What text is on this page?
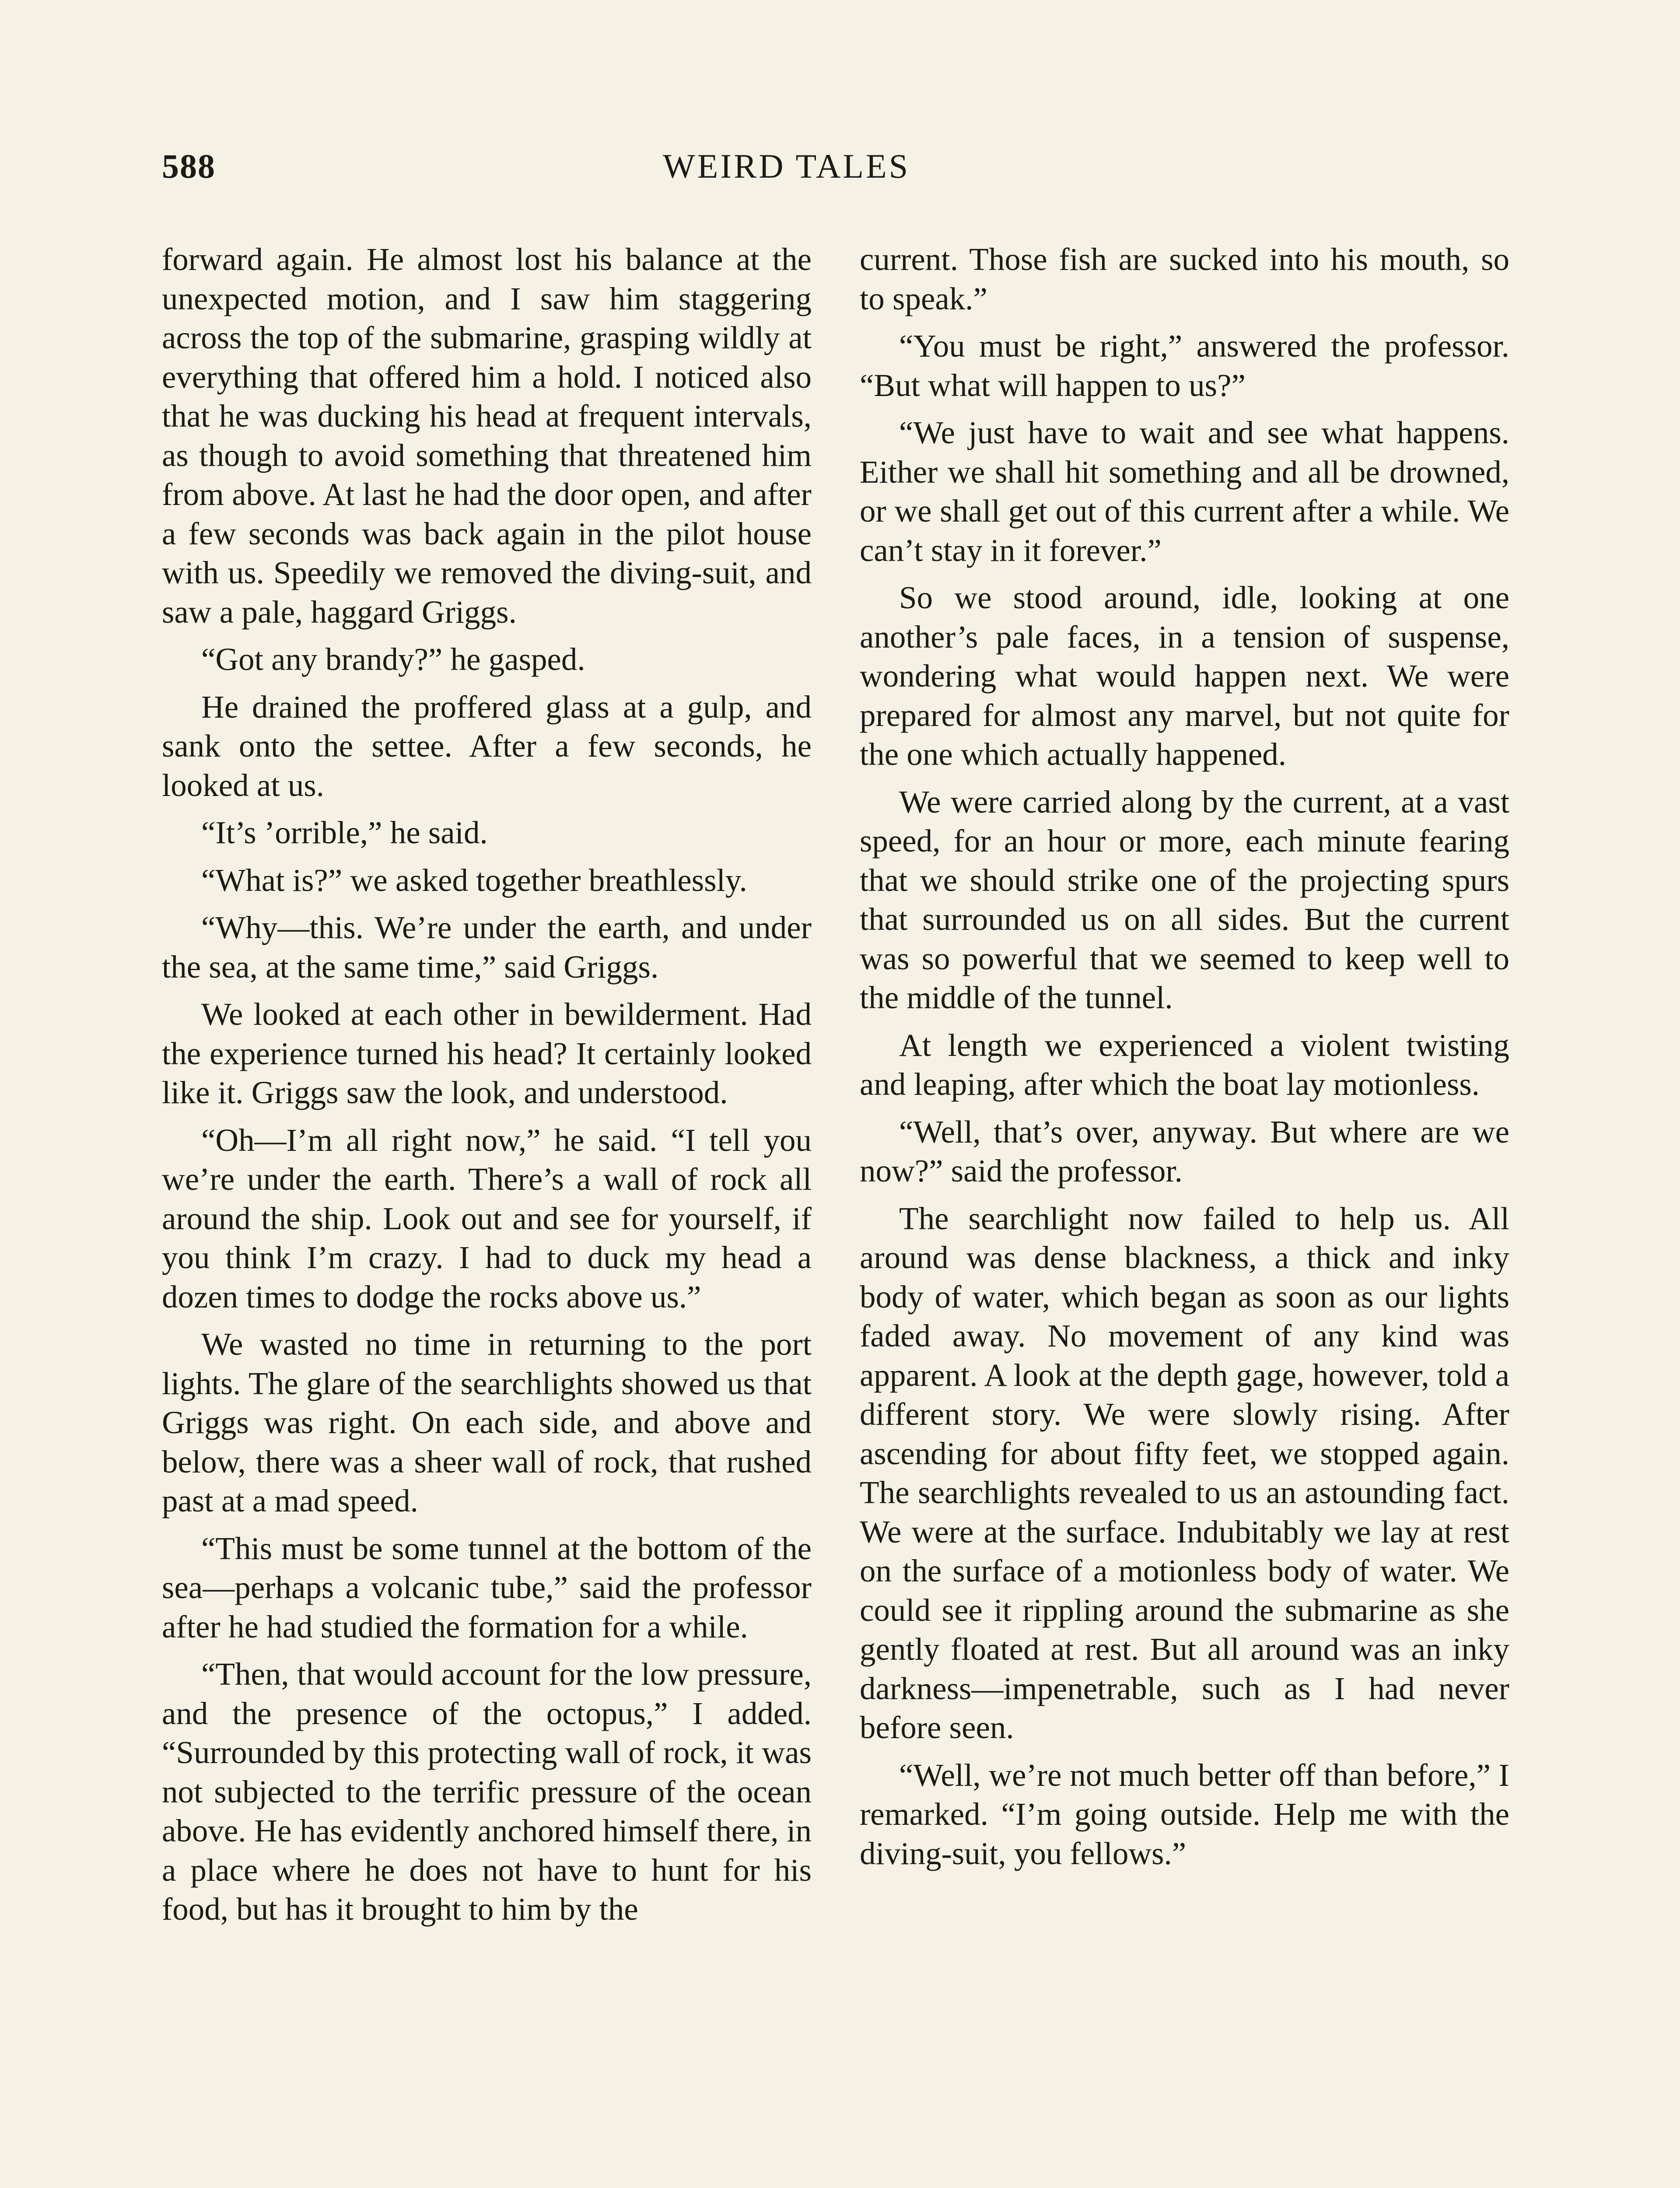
588	WEIRD TALES

forward again. He almost lost his balance at the unexpected motion, and I saw him staggering across the top of the submarine, grasping wildly at everything that offered him a hold. I noticed also that he was ducking his head at frequent intervals, as though to avoid something that threatened him from above. At last he had the door open, and after a few seconds was back again in the pilot house with us. Speedily we removed the diving-suit, and saw a pale, haggard Griggs.

“Got any brandy?” he gasped.

He drained the proffered glass at a gulp, and sank onto the settee. After a few seconds, he looked at us.

“It’s ’orrible,” he said.

“What is?” we asked together breathlessly.

“Why—this. We’re under the earth, and under the sea, at the same time,” said Griggs.

We looked at each other in bewilderment. Had the experience turned his head? It certainly looked like it. Griggs saw the look, and understood.

“Oh—I’m all right now,” he said. “I tell you we’re under the earth. There’s a wall of rock all around the ship. Look out and see for yourself, if you think I’m crazy. I had to duck my head a dozen times to dodge the rocks above us.”

We wasted no time in returning to the port lights. The glare of the searchlights showed us that Griggs was right. On each side, and above and below, there was a sheer wall of rock, that rushed past at a mad speed.

“This must be some tunnel at the bottom of the sea—perhaps a volcanic tube,” said the professor after he had studied the formation for a while.

“Then, that would account for the low pressure, and the presence of the octopus,” I added. “Surrounded by this protecting wall of rock, it was not subjected to the terrific pressure of the ocean above. He has evidently anchored himself there, in a place where he does not have to hunt for his food, but has it brought to him by the

current. Those fish are sucked into his mouth, so to speak.”

“You must be right,” answered the professor. “But what will happen to us?”

“We just have to wait and see what happens. Either we shall hit something and all be drowned, or we shall get out of this current after a while. We can’t stay in it forever.”

So we stood around, idle, looking at one another’s pale faces, in a tension of suspense, wondering what would happen next. We were prepared for almost any marvel, but not quite for the one which actually happened.

We were carried along by the current, at a vast speed, for an hour or more, each minute fearing that we should strike one of the projecting spurs that surrounded us on all sides. But the current was so powerful that we seemed to keep well to the middle of the tunnel.

At length we experienced a violent twisting and leaping, after which the boat lay motionless.

“Well, that’s over, anyway. But where are we now?” said the professor.

The searchlight now failed to help us. All around was dense blackness, a thick and inky body of water, which began as soon as our lights faded away. No movement of any kind was apparent. A look at the depth gage, however, told a different story. We were slowly rising. After ascending for about fifty feet, we stopped again. The searchlights revealed to us an astounding fact. We were at the surface. Indubitably we lay at rest on the surface of a motionless body of water. We could see it rippling around the submarine as she gently floated at rest. But all around was an inky darkness—impenetrable, such as I had never before seen.

“Well, we’re not much better off than before,” I remarked. “I’m going outside. Help me with the diving-suit, you fellows.”
